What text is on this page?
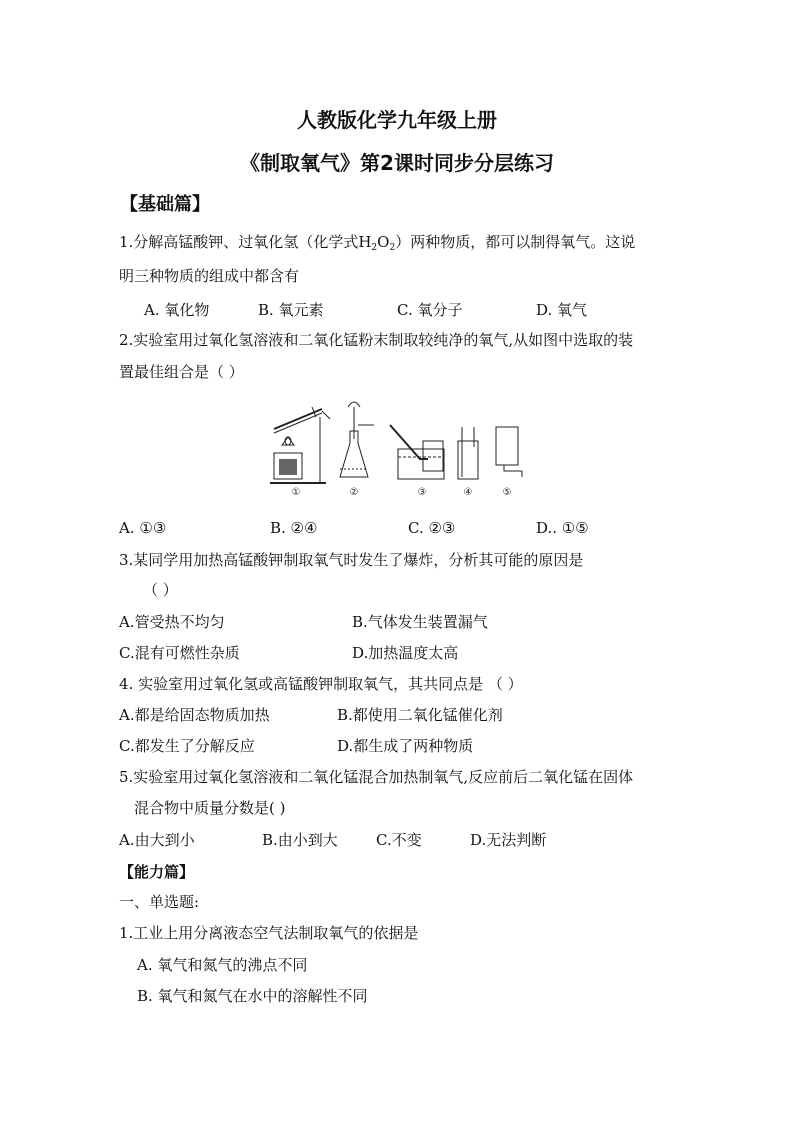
人教版化学九年级上册
《制取氧气》第2课时同步分层练习
【基础篇】
1.分解高锰酸钾、过氧化氢（化学式$H_2O_2$）两种物质，都可以制得氧气。这说
明三种物质的组成中都含有
A. 氧化物	B. 氧元素	C. 氧分子	D. 氧气
2.实验室用过氧化氢溶液和二氧化锰粉末制取较纯净的氧气,从如图中选取的装
置最佳组合是（ ）
①	②	③	④	⑤
A. ①③	B. ②④	C. ②③	D.. ①⑤
3.某同学用加热高锰酸钾制取氧气时发生了爆炸，分析其可能的原因是
（ ）
A.管受热不均匀	B.气体发生装置漏气
C.混有可燃性杂质	D.加热温度太高
4. 实验室用过氧化氢或高锰酸钾制取氧气，其共同点是 （ ）
A.都是给固态物质加热	B.都使用二氧化锰催化剂
C.都发生了分解反应	D.都生成了两种物质
5.实验室用过氧化氢溶液和二氧化锰混合加热制氧气,反应前后二氧化锰在固体
混合物中质量分数是( )
A.由大到小	B.由小到大	C.不变	D.无法判断
【能力篇】
一、单选题:
1.工业上用分离液态空气法制取氧气的依据是
A. 氧气和氮气的沸点不同
B. 氧气和氮气在水中的溶解性不同
